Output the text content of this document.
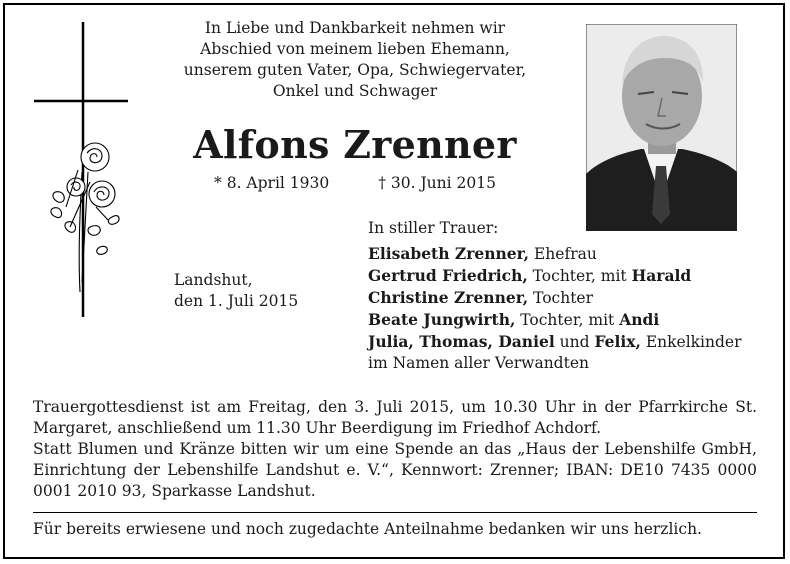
In Liebe und Dankbarkeit nehmen wir
Abschied von meinem lieben Ehemann,
unserem guten Vater, Opa, Schwiegervater,
Onkel und Schwager
Alfons Zrenner
* 8. April 1930	† 30. Juni 2015
Landshut,
den 1. Juli 2015
In stiller Trauer:
Elisabeth Zrenner, Ehefrau
Gertrud Friedrich, Tochter, mit Harald
Christine Zrenner, Tochter
Beate Jungwirth, Tochter, mit Andi
Julia, Thomas, Daniel und Felix, Enkelkinder
im Namen aller Verwandten
Trauergottesdienst ist am Freitag, den 3. Juli 2015, um 10.30 Uhr in der Pfarrkirche St. Margaret, anschließend um 11.30 Uhr Beerdigung im Friedhof Achdorf.
Statt Blumen und Kränze bitten wir um eine Spende an das „Haus der Lebenshilfe GmbH, Einrichtung der Lebenshilfe Landshut e. V.“, Kennwort: Zrenner; IBAN: DE10 7435 0000 0001 2010 93, Sparkasse Landshut.
Für bereits erwiesene und noch zugedachte Anteilnahme bedanken wir uns herzlich.
